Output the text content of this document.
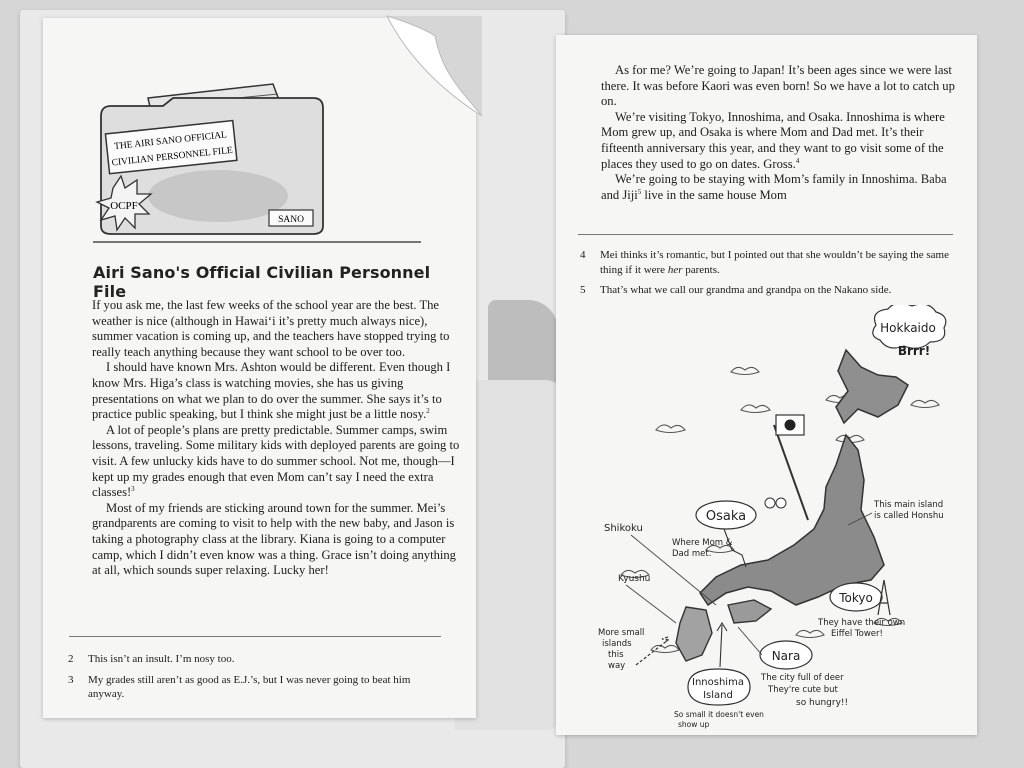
THE AIRI SANO OFFICIAL
CIVILIAN PERSONNEL FILE
OCPF
SANO
Airi Sano's Official Civilian Personnel File

If you ask me, the last few weeks of the school year are the best. The weather is nice (although in Hawai‘i it’s pretty much always nice), summer vacation is coming up, and the teachers have stopped trying to really teach anything because they want school to be over too.

I should have known Mrs. Ashton would be different. Even though I know Mrs. Higa’s class is watching movies, she has us giving presentations on what we plan to do over the summer. She says it’s to practice public speaking, but I think she might just be a little nosy.$^2$

A lot of people’s plans are pretty predictable. Summer camps, swim lessons, traveling. Some military kids with deployed parents are going to visit. A few unlucky kids have to do summer school. Not me, though—I kept up my grades enough that even Mom can’t say I need the extra classes!$^3$

Most of my friends are sticking around town for the summer. Mei’s grandparents are coming to visit to help with the new baby, and Jason is taking a photography class at the library. Kiana is going to a computer camp, which I didn’t even know was a thing. Grace isn’t doing anything at all, which sounds super relaxing. Lucky her!

2	This isn’t an insult. I’m nosy too.
3	My grades still aren’t as good as E.J.’s, but I was never going to beat him anyway.

As for me? We’re going to Japan! It’s been ages since we were last there. It was before Kaori was even born! So we have a lot to catch up on.

We’re visiting Tokyo, Innoshima, and Osaka. Innoshima is where Mom grew up, and Osaka is where Mom and Dad met. It’s their fifteenth anniversary this year, and they want to go visit some of the places they used to go on dates. Gross.$^4$

We’re going to be staying with Mom’s family in Innoshima. Baba and Jiji$^5$ live in the same house Mom

4	Mei thinks it’s romantic, but I pointed out that she wouldn’t be saying the same thing if it were her parents.
5	That’s what we call our grandma and grandpa on the Nakano side.
Hokkaido
Brrr!
Osaka
Shikoku
Where Mom &
Dad met.
Kyushu
More small
islands
this
way
This main island
is called Honshu
Tokyo
They have their own
Eiffel Tower!
Nara
The city full of deer
They're cute but
so hungry!!
Innoshima
Island
So small it doesn't even
show up
